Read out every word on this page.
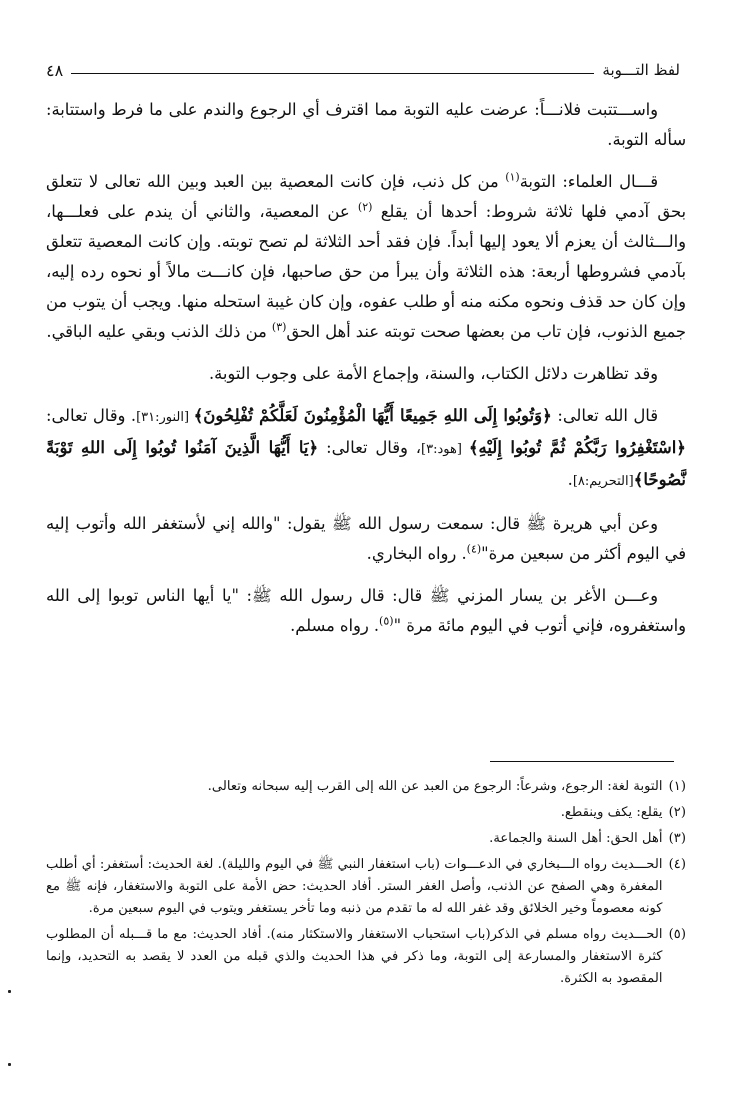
لفظ التـــوبة
٤٨

واســـتتبت فلانـــاً: عرضت عليه التوبة مما اقترف أي الرجوع والندم على ما فرط واستتابة: سأله التوبة.

قـــال العلماء: التوبة$^{(١)}$ من كل ذنب، فإن كانت المعصية بين العبد وبين الله تعالى لا تتعلق بحق آدمي فلها ثلاثة شروط: أحدها أن يقلع $^{(٢)}$ عن المعصية، والثاني أن يندم على فعلـــها، والـــثالث أن يعزم ألا يعود إليها أبداً. فإن فقد أحد الثلاثة لم تصح توبته. وإن كانت المعصية تتعلق بآدمي فشروطها أربعة: هذه الثلاثة وأن يبرأ من حق صاحبها، فإن كانـــت مالاً أو نحوه رده إليه، وإن كان حد قذف ونحوه مكنه منه أو طلب عفوه، وإن كان غيبة استحله منها. ويجب أن يتوب من جميع الذنوب، فإن تاب من بعضها صحت توبته عند أهل الحق$^{(٣)}$ من ذلك الذنب وبقي عليه الباقي.

وقد تظاهرت دلائل الكتاب، والسنة، وإجماع الأمة على وجوب التوبة.

قال الله تعالى: ﴿وَتُوبُوا إِلَى اللهِ جَمِيعًا أَيُّهَا الْمُؤْمِنُونَ لَعَلَّكُمْ تُفْلِحُونَ﴾ [النور:٣١]. وقال تعالى: ﴿اسْتَغْفِرُوا رَبَّكُمْ ثُمَّ تُوبُوا إِلَيْهِ﴾ [هود:٣]، وقال تعالى: ﴿يَا أَيُّهَا الَّذِينَ آمَنُوا تُوبُوا إِلَى اللهِ تَوْبَةً نَّصُوحًا﴾[التحريم:٨].

وعن أبي هريرة ﷺ قال: سمعت رسول الله ﷺ يقول: "والله إني لأستغفر الله وأتوب إليه في اليوم أكثر من سبعين مرة"$^{(٤)}$. رواه البخاري.

وعـــن الأغر بن يسار المزني ﷺ قال: قال رسول الله ﷺ: "يا أيها الناس توبوا إلى الله واستغفروه، فإني أتوب في اليوم مائة مرة "$^{(٥)}$. رواه مسلم.

(١)
التوبة لغة: الرجوع، وشرعاً: الرجوع من العبد عن الله إلى القرب إليه سبحانه وتعالى.
(٢)
يقلع: يكف وينقطع.
(٣)
أهل الحق: أهل السنة والجماعة.
(٤)
الحـــديث رواه الـــبخاري في الدعـــوات (باب استغفار النبي ﷺ في اليوم والليلة). لغة الحديث: أستغفر: أي أطلب المغفرة وهي الصفح عن الذنب، وأصل الغفر الستر. أفاد الحديث: حض الأمة على التوبة والاستغفار، فإنه ﷺ مع كونه معصوماً وخير الخلائق وقد غفر الله له ما تقدم من ذنبه وما تأخر يستغفر ويتوب في اليوم سبعين مرة.
(٥)
الحـــديث رواه مسلم في الذكر(باب استحباب الاستغفار والاستكثار منه). أفاد الحديث: مع ما قـــبله أن المطلوب كثرة الاستغفار والمسارعة إلى التوبة، وما ذكر في هذا الحديث والذي قبله من العدد لا يقصد به التحديد، وإنما المقصود به الكثرة.
